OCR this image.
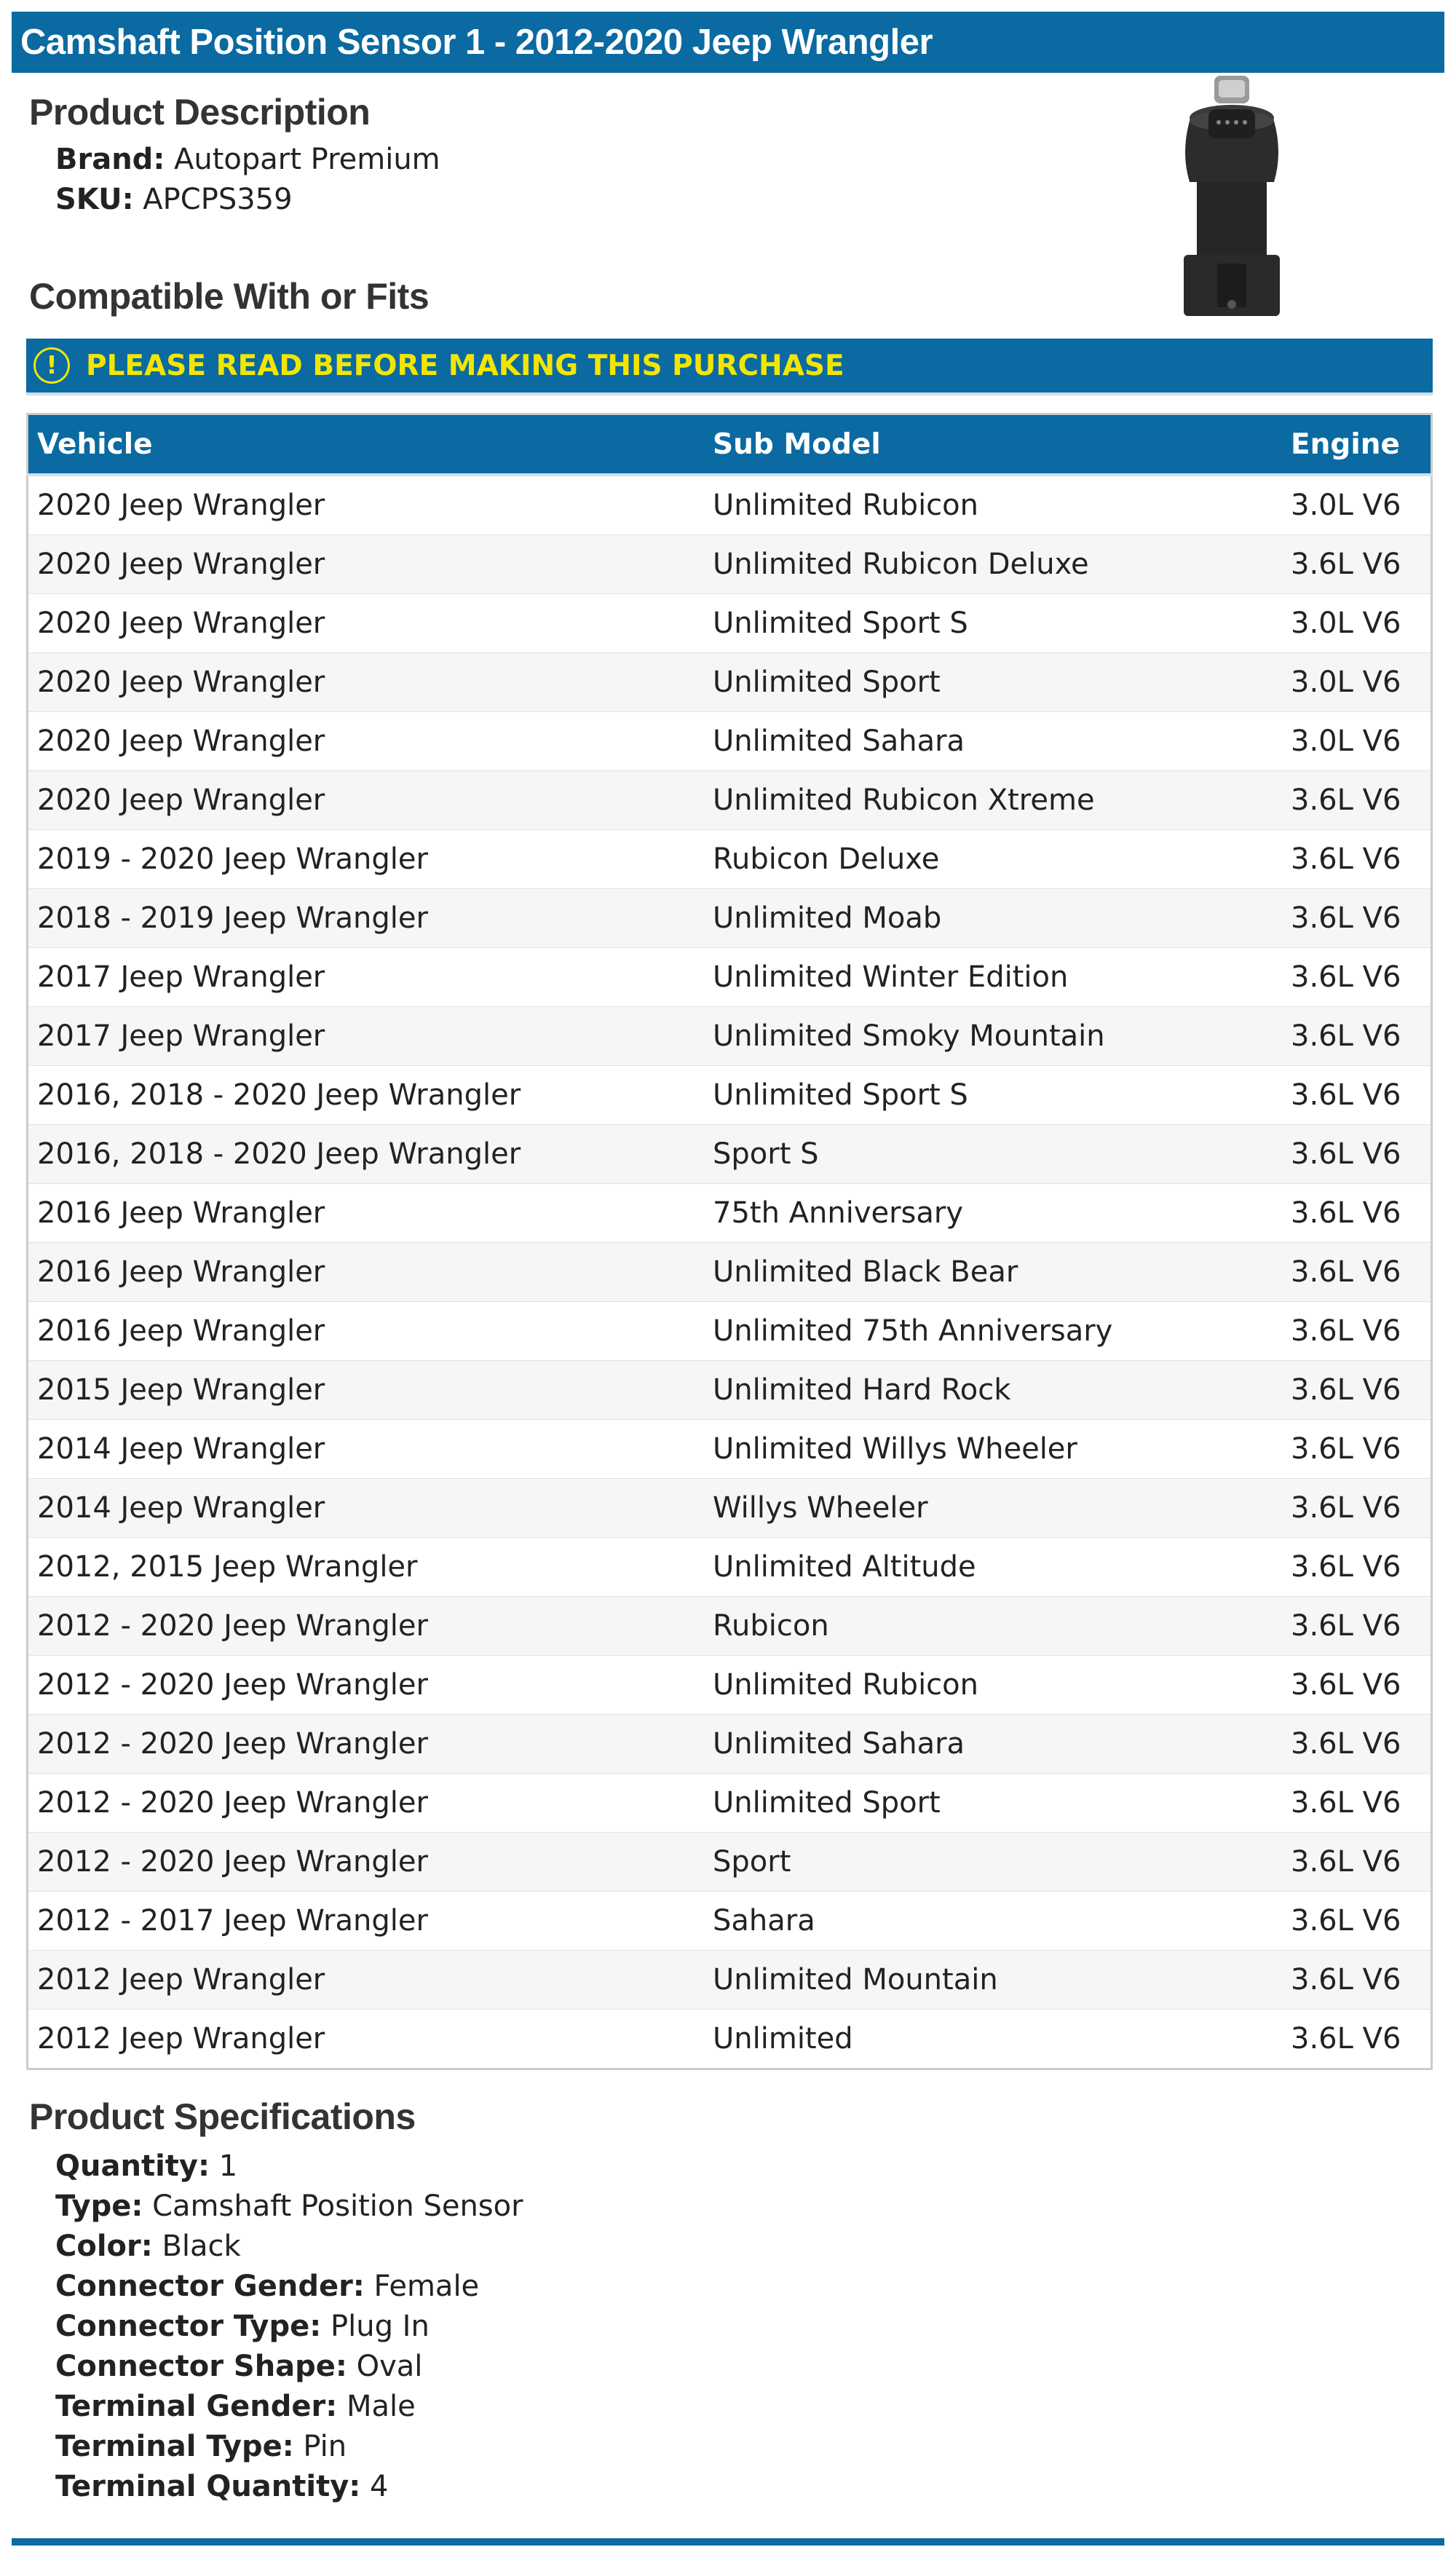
Camshaft Position Sensor 1 - 2012-2020 Jeep Wrangler
Product Description
Brand: Autopart Premium
SKU: APCPS359
Compatible With or Fits
!	PLEASE READ BEFORE MAKING THIS PURCHASE
Vehicle	Sub Model	Engine
2020 Jeep Wrangler	Unlimited Rubicon	3.0L V6
2020 Jeep Wrangler	Unlimited Rubicon Deluxe	3.6L V6
2020 Jeep Wrangler	Unlimited Sport S	3.0L V6
2020 Jeep Wrangler	Unlimited Sport	3.0L V6
2020 Jeep Wrangler	Unlimited Sahara	3.0L V6
2020 Jeep Wrangler	Unlimited Rubicon Xtreme	3.6L V6
2019 - 2020 Jeep Wrangler	Rubicon Deluxe	3.6L V6
2018 - 2019 Jeep Wrangler	Unlimited Moab	3.6L V6
2017 Jeep Wrangler	Unlimited Winter Edition	3.6L V6
2017 Jeep Wrangler	Unlimited Smoky Mountain	3.6L V6
2016, 2018 - 2020 Jeep Wrangler	Unlimited Sport S	3.6L V6
2016, 2018 - 2020 Jeep Wrangler	Sport S	3.6L V6
2016 Jeep Wrangler	75th Anniversary	3.6L V6
2016 Jeep Wrangler	Unlimited Black Bear	3.6L V6
2016 Jeep Wrangler	Unlimited 75th Anniversary	3.6L V6
2015 Jeep Wrangler	Unlimited Hard Rock	3.6L V6
2014 Jeep Wrangler	Unlimited Willys Wheeler	3.6L V6
2014 Jeep Wrangler	Willys Wheeler	3.6L V6
2012, 2015 Jeep Wrangler	Unlimited Altitude	3.6L V6
2012 - 2020 Jeep Wrangler	Rubicon	3.6L V6
2012 - 2020 Jeep Wrangler	Unlimited Rubicon	3.6L V6
2012 - 2020 Jeep Wrangler	Unlimited Sahara	3.6L V6
2012 - 2020 Jeep Wrangler	Unlimited Sport	3.6L V6
2012 - 2020 Jeep Wrangler	Sport	3.6L V6
2012 - 2017 Jeep Wrangler	Sahara	3.6L V6
2012 Jeep Wrangler	Unlimited Mountain	3.6L V6
2012 Jeep Wrangler	Unlimited	3.6L V6
Product Specifications
Quantity: 1
Type: Camshaft Position Sensor
Color: Black
Connector Gender: Female
Connector Type: Plug In
Connector Shape: Oval
Terminal Gender: Male
Terminal Type: Pin
Terminal Quantity: 4
